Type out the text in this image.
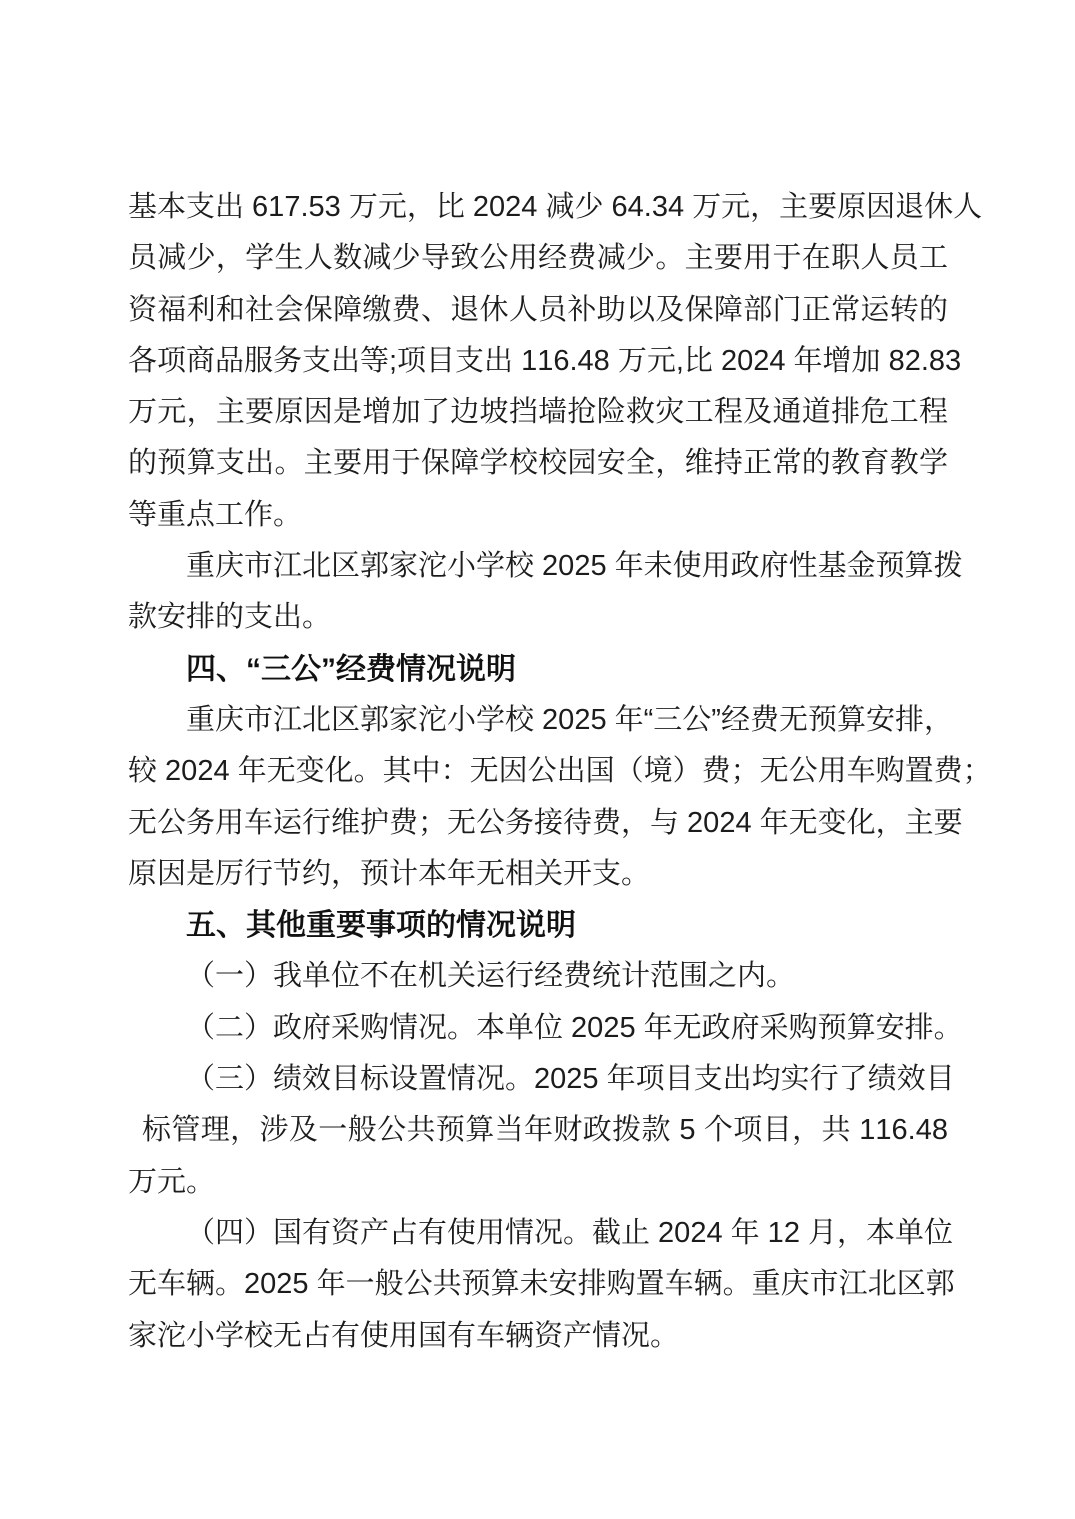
基本支出 617.53 万元，比 2024 减少 64.34 万元，主要原因退休人
员减少，学生人数减少导致公用经费减少。主要用于在职人员工
资福利和社会保障缴费、退休人员补助以及保障部门正常运转的
各项商品服务支出等;项目支出 116.48 万元,比 2024 年增加 82.83
万元，主要原因是增加了边坡挡墙抢险救灾工程及通道排危工程
的预算支出。主要用于保障学校校园安全，维持正常的教育教学
等重点工作。
重庆市江北区郭家沱小学校 2025 年未使用政府性基金预算拨
款安排的支出。
四、“三公”经费情况说明
重庆市江北区郭家沱小学校 2025 年“三公”经费无预算安排，
较 2024 年无变化。其中：无因公出国（境）费；无公用车购置费；
无公务用车运行维护费；无公务接待费，与 2024 年无变化，主要
原因是厉行节约，预计本年无相关开支。
五、其他重要事项的情况说明
（一）我单位不在机关运行经费统计范围之内。
（二）政府采购情况。本单位 2025 年无政府采购预算安排。
（三）绩效目标设置情况。2025 年项目支出均实行了绩效目
标管理，涉及一般公共预算当年财政拨款 5 个项目，共 116.48
万元。
（四）国有资产占有使用情况。截止 2024 年 12 月，本单位
无车辆。2025 年一般公共预算未安排购置车辆。重庆市江北区郭
家沱小学校无占有使用国有车辆资产情况。
